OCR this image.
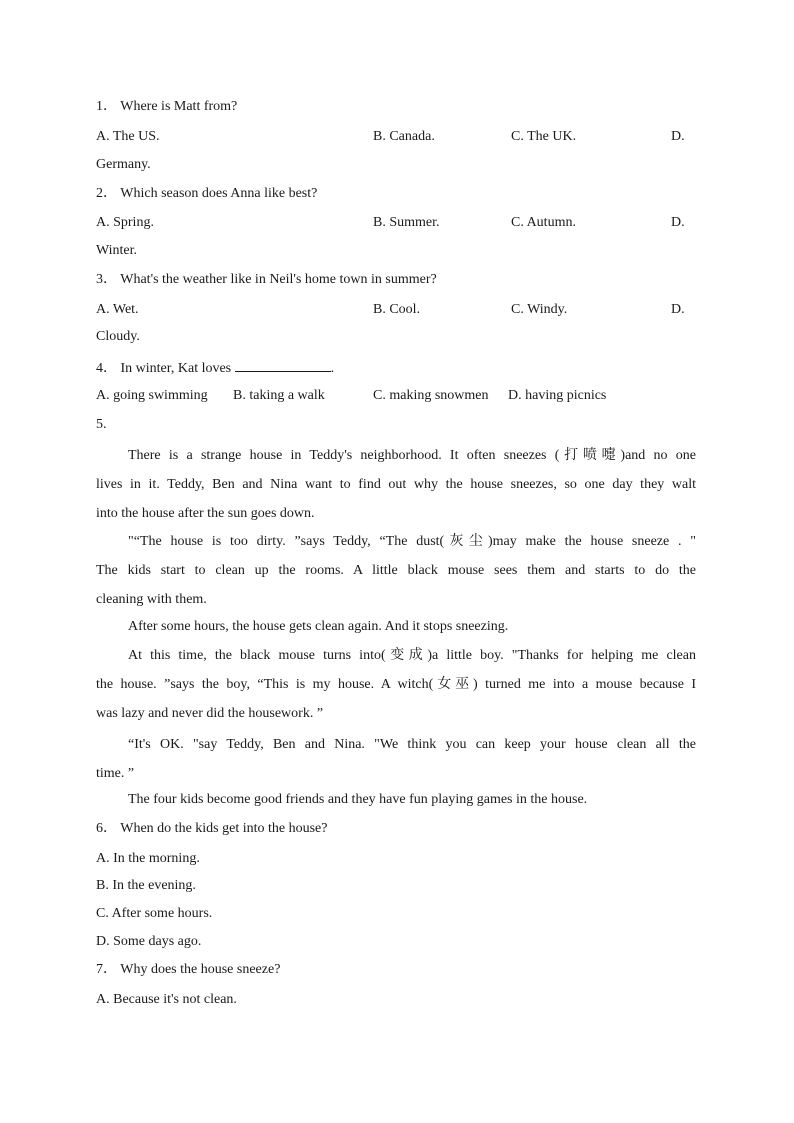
1． Where is Matt from?
A. The US.	B. Canada.	C. The UK.	D.
Germany.
2． Which season does Anna like best?
A. Spring.	B. Summer.	C. Autumn.	D.
Winter.
3． What's the weather like in Neil's home town in summer?
A. Wet.	B. Cool.	C. Windy.	D.
Cloudy.
4． In winter, Kat loves	.
A. going swimming B. taking a walk	C. making snowmen D. having picnics
5.
There is a strange house in Teddy's neighborhood. It often sneezes (打喷嚏)and no one
lives in it. Teddy, Ben and Nina want to find out why the house sneezes, so one day they walt
into the house after the sun goes down.
"“The house is too dirty. ”says Teddy, “The dust(灰尘)may make the house sneeze . "
The kids start to clean up the rooms. A little black mouse sees them and starts to do the
cleaning with them.
After some hours, the house gets clean again. And it stops sneezing.
At this time, the black mouse turns into(变成)a little boy. "Thanks for helping me clean
the house. ”says the boy, “This is my house. A witch(女巫) turned me into a mouse because I
was lazy and never did the housework. ”
“It's OK. "say Teddy, Ben and Nina. "We think you can keep your house clean all the
time. ”
The four kids become good friends and they have fun playing games in the house.
6． When do the kids get into the house?
A. In the morning.
B. In the evening.
C. After some hours.
D. Some days ago.
7． Why does the house sneeze?
A. Because it's not clean.
